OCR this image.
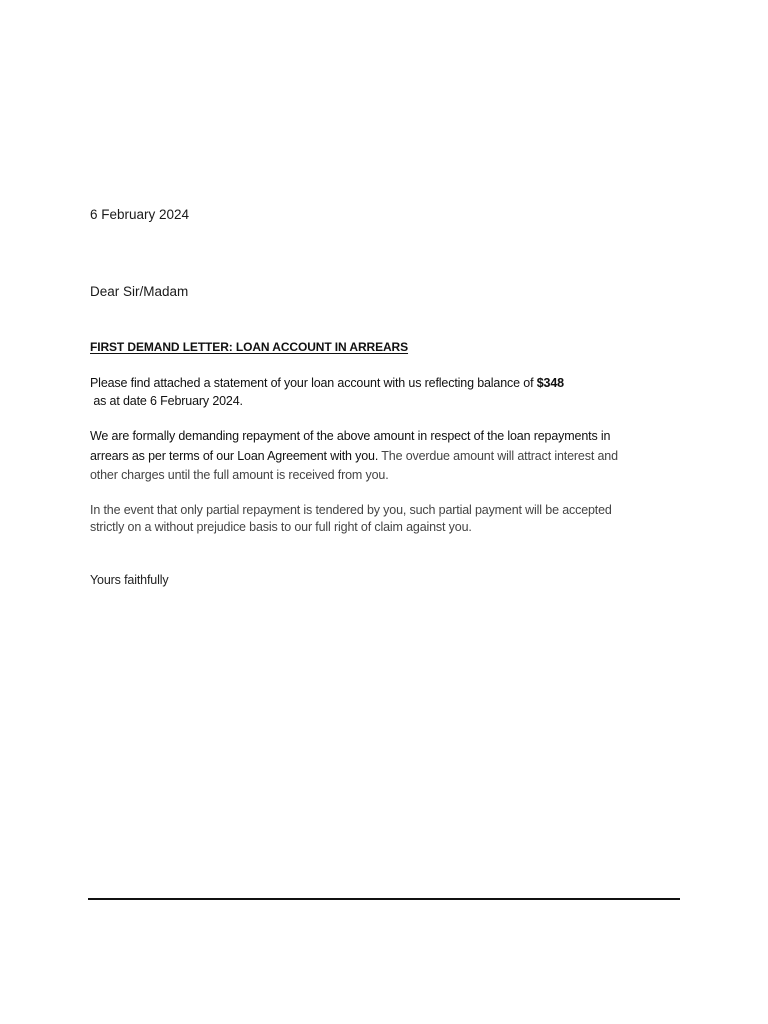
6 February 2024

Dear Sir/Madam

FIRST DEMAND LETTER: LOAN ACCOUNT IN ARREARS

Please find attached a statement of your loan account with us reflecting balance of $348
as at date 6 February 2024.
We are formally demanding repayment of the above amount in respect of the loan repayments in
arrears as per terms of our Loan Agreement with you. The overdue amount will attract interest and
other charges until the full amount is received from you.
In the event that only partial repayment is tendered by you, such partial payment will be accepted
strictly on a without prejudice basis to our full right of claim against you.

Yours faithfully
